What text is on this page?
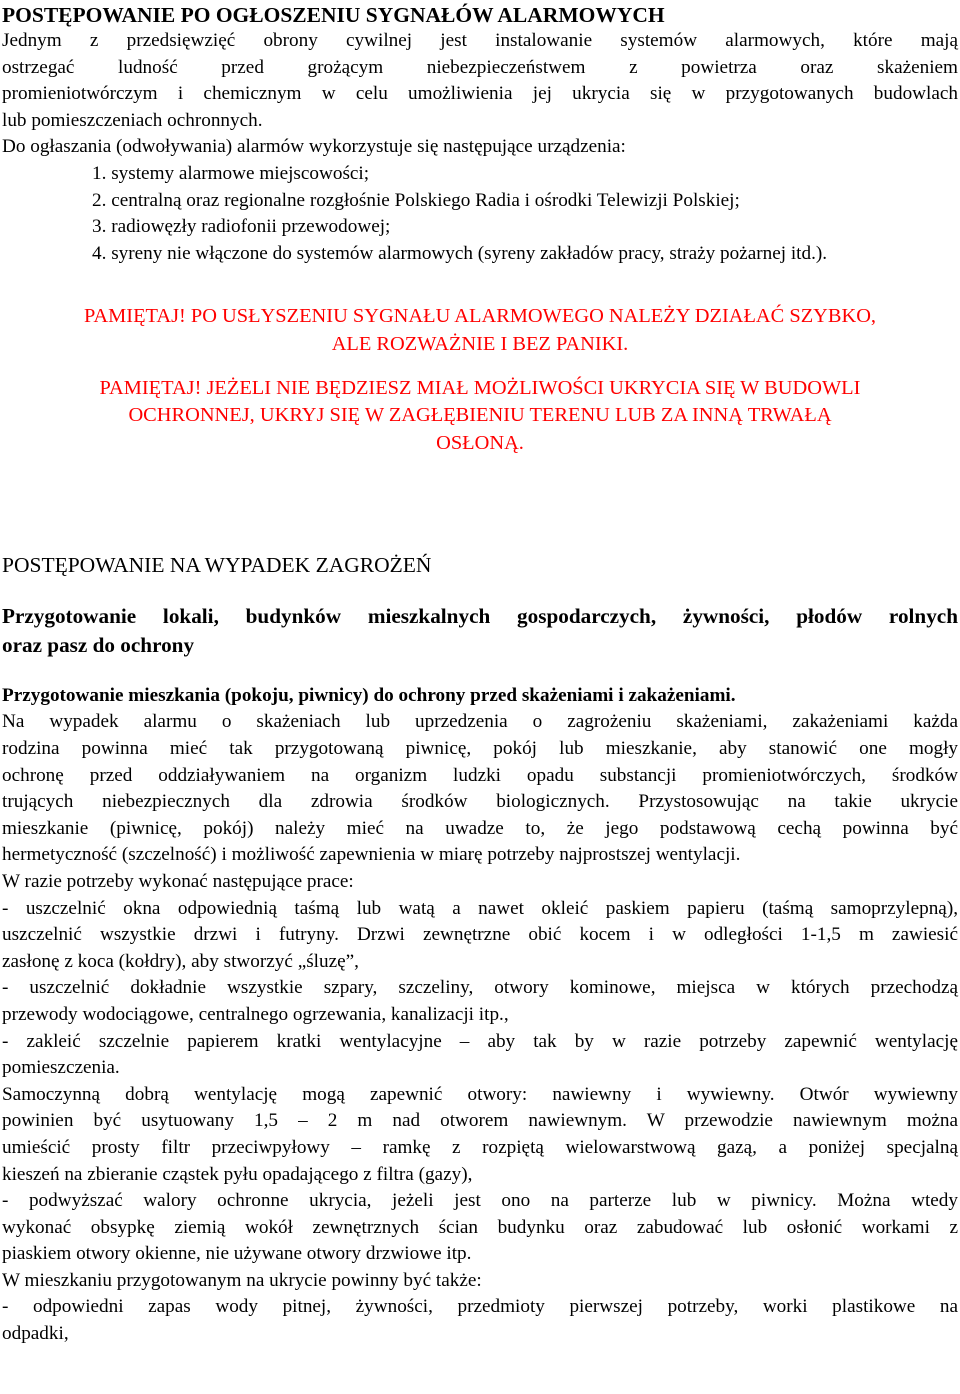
POSTĘPOWANIE PO OGŁOSZENIU SYGNAŁÓW ALARMOWYCH
Jednym z przedsięwzięć obrony cywilnej jest instalowanie systemów alarmowych, które mają
ostrzegać ludność przed grożącym niebezpieczeństwem z powietrza oraz skażeniem
promieniotwórczym i chemicznym w celu umożliwienia jej ukrycia się w przygotowanych budowlach
lub pomieszczeniach ochronnych.
Do ogłaszania (odwoływania) alarmów wykorzystuje się następujące urządzenia:
1. systemy alarmowe miejscowości;
2. centralną oraz regionalne rozgłośnie Polskiego Radia i ośrodki Telewizji Polskiej;
3. radiowęzły radiofonii przewodowej;
4. syreny nie włączone do systemów alarmowych (syreny zakładów pracy, straży pożarnej itd.).
PAMIĘTAJ! PO USŁYSZENIU SYGNAŁU ALARMOWEGO NALEŻY DZIAŁAĆ SZYBKO,
ALE ROZWAŻNIE I BEZ PANIKI.
PAMIĘTAJ! JEŻELI NIE BĘDZIESZ MIAŁ MOŻLIWOŚCI UKRYCIA SIĘ W BUDOWLI
OCHRONNEJ, UKRYJ SIĘ W ZAGŁĘBIENIU TERENU LUB ZA INNĄ TRWAŁĄ
OSŁONĄ.
POSTĘPOWANIE NA WYPADEK ZAGROŻEŃ
Przygotowanie lokali, budynków mieszkalnych gospodarczych, żywności, płodów rolnych
oraz pasz do ochrony
Przygotowanie mieszkania (pokoju, piwnicy) do ochrony przed skażeniami i zakażeniami.
Na wypadek alarmu o skażeniach lub uprzedzenia o zagrożeniu skażeniami, zakażeniami każda
rodzina powinna mieć tak przygotowaną piwnicę, pokój lub mieszkanie, aby stanowić one mogły
ochronę przed oddziaływaniem na organizm ludzki opadu substancji promieniotwórczych, środków
trujących niebezpiecznych dla zdrowia środków biologicznych. Przystosowując na takie ukrycie
mieszkanie (piwnicę, pokój) należy mieć na uwadze to, że jego podstawową cechą powinna być
hermetyczność (szczelność) i możliwość zapewnienia w miarę potrzeby najprostszej wentylacji.
W razie potrzeby wykonać następujące prace:
- uszczelnić okna odpowiednią taśmą lub watą a nawet okleić paskiem papieru (taśmą samoprzylepną),
uszczelnić wszystkie drzwi i futryny. Drzwi zewnętrzne obić kocem i w odległości 1-1,5 m zawiesić
zasłonę z koca (kołdry), aby stworzyć „śluzę”,
- uszczelnić dokładnie wszystkie szpary, szczeliny, otwory kominowe, miejsca w których przechodzą
przewody wodociągowe, centralnego ogrzewania, kanalizacji itp.,
- zakleić szczelnie papierem kratki wentylacyjne – aby tak by w razie potrzeby zapewnić wentylację
pomieszczenia.
Samoczynną dobrą wentylację mogą zapewnić otwory: nawiewny i wywiewny. Otwór wywiewny
powinien być usytuowany 1,5 – 2 m nad otworem nawiewnym. W przewodzie nawiewnym można
umieścić prosty filtr przeciwpyłowy – ramkę z rozpiętą wielowarstwową gazą, a poniżej specjalną
kieszeń na zbieranie cząstek pyłu opadającego z filtra (gazy),
- podwyższać walory ochronne ukrycia, jeżeli jest ono na parterze lub w piwnicy. Można wtedy
wykonać obsypkę ziemią wokół zewnętrznych ścian budynku oraz zabudować lub osłonić workami z
piaskiem otwory okienne, nie używane otwory drzwiowe itp.
W mieszkaniu przygotowanym na ukrycie powinny być także:
- odpowiedni zapas wody pitnej, żywności, przedmioty pierwszej potrzeby, worki plastikowe na
odpadki,
